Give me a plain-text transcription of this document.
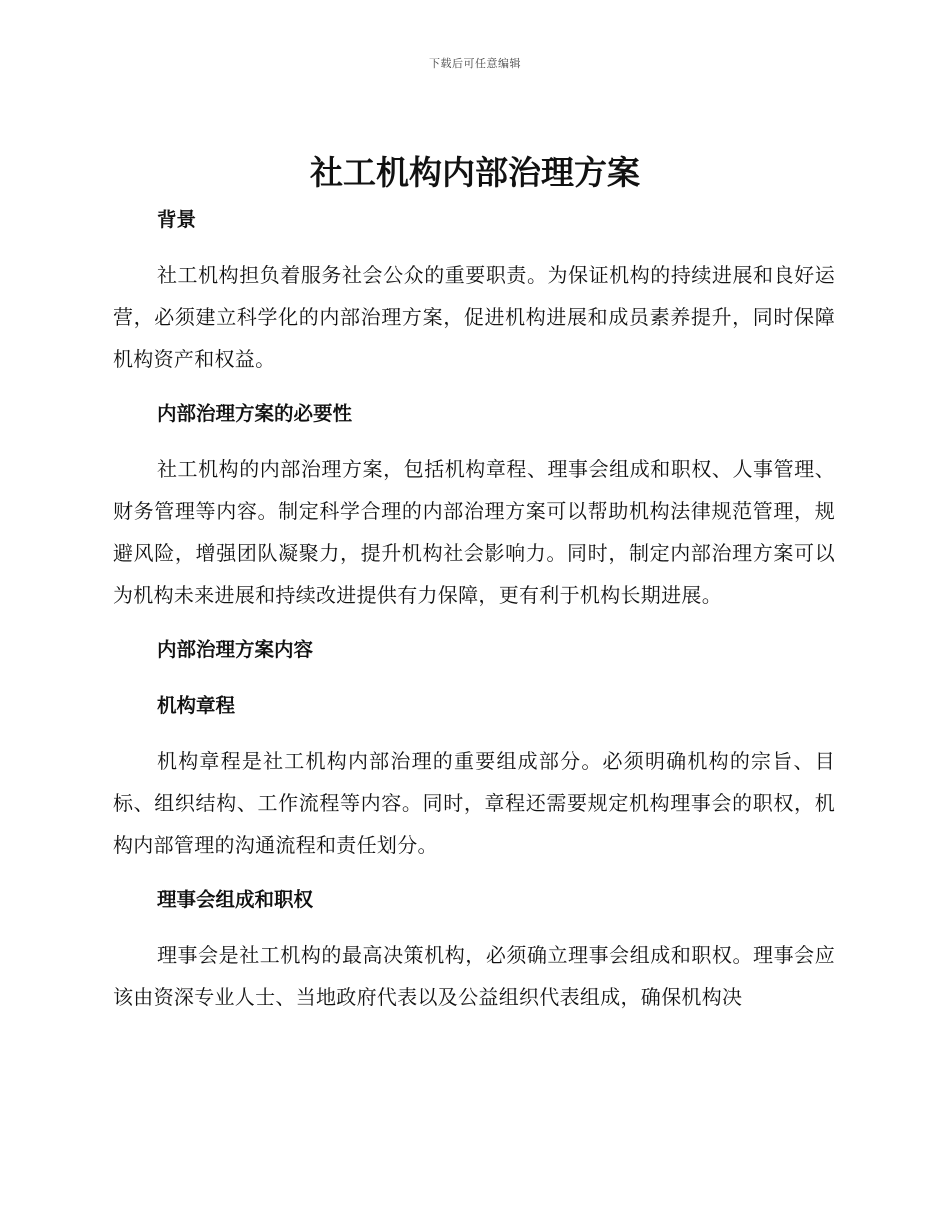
下载后可任意编辑
社工机构内部治理方案
背景

社工机构担负着服务社会公众的重要职责。为保证机构的持续进展和良好运营，必须建立科学化的内部治理方案，促进机构进展和成员素养提升，同时保障机构资产和权益。

内部治理方案的必要性

社工机构的内部治理方案，包括机构章程、理事会组成和职权、人事管理、财务管理等内容。制定科学合理的内部治理方案可以帮助机构法律规范管理，规避风险，增强团队凝聚力，提升机构社会影响力。同时，制定内部治理方案可以为机构未来进展和持续改进提供有力保障，更有利于机构长期进展。

内部治理方案内容
机构章程

机构章程是社工机构内部治理的重要组成部分。必须明确机构的宗旨、目标、组织结构、工作流程等内容。同时，章程还需要规定机构理事会的职权，机构内部管理的沟通流程和责任划分。

理事会组成和职权

理事会是社工机构的最高决策机构，必须确立理事会组成和职权。理事会应该由资深专业人士、当地政府代表以及公益组织代表组成，确保机构决
